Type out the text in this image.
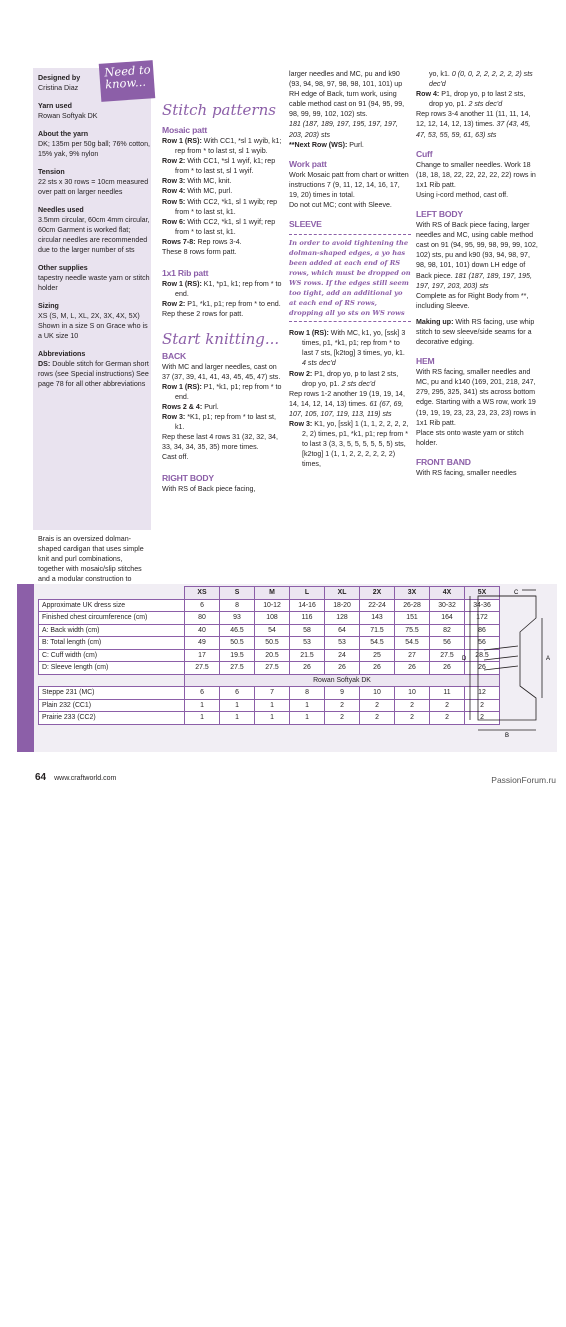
Need to know...

Designed by

Cristina Diaz

Yarn used

Rowan Softyak DK

About the yarn

DK; 135m per 50g ball; 76% cotton, 15% yak, 9% nylon

Tension

22 sts x 30 rows = 10cm measured over patt on larger needles

Needles used

3.5mm circular, 60cm 4mm circular, 60cm Garment is worked flat; circular needles are recommended due to the larger number of sts

Other supplies

tapestry needle waste yarn or stitch holder

Sizing

XS (S, M, L, XL, 2X, 3X, 4X, 5X) Shown in a size S on Grace who is a UK size 10

Abbreviations

DS: Double stitch for German short rows (see Special instructions) See page 78 for all other abbreviations

Brais is an oversized dolman-shaped cardigan that uses simple knit and purl combinations, together with mosaic/slip stitches and a modular construction to

Stitch patterns

Mosaic patt

Row 1 (RS): With CC1, *sl 1 wyib, k1; rep from * to last st, sl 1 wyib.

Row 2: With CC1, *sl 1 wyif, k1; rep from * to last st, sl 1 wyif.

Row 3: With MC, knit.

Row 4: With MC, purl.

Row 5: With CC2, *k1, sl 1 wyib; rep from * to last st, k1.

Row 6: With CC2, *k1, sl 1 wyif; rep from * to last st, k1.

Rows 7-8: Rep rows 3-4.

These 8 rows form patt.

1x1 Rib patt

Row 1 (RS): K1, *p1, k1; rep from * to end.

Row 2: P1, *k1, p1; rep from * to end.

Rep these 2 rows for patt.

Start knitting...

BACK

With MC and larger needles, cast on 37 (37, 39, 41, 41, 43, 45, 45, 47) sts.

Row 1 (RS): P1, *k1, p1; rep from * to end.

Rows 2 & 4: Purl.

Row 3: *K1, p1; rep from * to last st, k1.

Rep these last 4 rows 31 (32, 32, 34, 33, 34, 34, 35, 35) more times.

Cast off.

RIGHT BODY

With RS of Back piece facing,

larger needles and MC, pu and k90 (93, 94, 98, 97, 98, 98, 101, 101) up RH edge of Back, turn work, using cable method cast on 91 (94, 95, 99, 98, 99, 99, 102, 102) sts.

181 (187, 189, 197, 195, 197, 197, 203, 203) sts

**Next Row (WS): Purl.

Work patt

Work Mosaic patt from chart or written instructions 7 (9, 11, 12, 14, 16, 17, 19, 20) times in total.

Do not cut MC; cont with Sleeve.

SLEEVE

In order to avoid tightening the dolman-shaped edges, a yo has been added at each end of RS rows, which must be dropped on WS rows. If the edges still seem too tight, add an additional yo at each end of RS rows, dropping all yo sts on WS rows

Row 1 (RS): With MC, k1, yo, [ssk] 3 times, p1, *k1, p1; rep from * to last 7 sts, [k2tog] 3 times, yo, k1.

4 sts dec'd

Row 2: P1, drop yo, p to last 2 sts, drop yo, p1. 2 sts dec'd

Rep rows 1-2 another 19 (19, 19, 14, 14, 14, 12, 14, 13) times. 61 (67, 69, 107, 105, 107, 119, 113, 119) sts

Row 3: K1, yo, [ssk] 1 (1, 1, 2, 2, 2, 2, 2, 2) times, p1, *k1, p1; rep from * to last 3 (3, 3, 5, 5, 5, 5, 5, 5) sts, [k2tog] 1 (1, 1, 2, 2, 2, 2, 2, 2) times,

yo, k1. 0 (0, 0, 2, 2, 2, 2, 2, 2) sts dec'd

Row 4: P1, drop yo, p to last 2 sts, drop yo, p1. 2 sts dec'd

Rep rows 3-4 another 11 (11, 11, 14, 12, 12, 14, 12, 13) times. 37 (43, 45, 47, 53, 55, 59, 61, 63) sts

Cuff

Change to smaller needles. Work 18 (18, 18, 18, 22, 22, 22, 22, 22) rows in 1x1 Rib patt.

Using i-cord method, cast off.

LEFT BODY

With RS of Back piece facing, larger needles and MC, using cable method cast on 91 (94, 95, 99, 98, 99, 99, 102, 102) sts, pu and k90 (93, 94, 98, 97, 98, 98, 101, 101) down LH edge of Back piece. 181 (187, 189, 197, 195, 197, 197, 203, 203) sts

Complete as for Right Body from **, including Sleeve.

Making up: With RS facing, use whip stitch to sew sleeve/side seams for a decorative edging.

HEM

With RS facing, smaller needles and MC, pu and k140 (169, 201, 218, 247, 279, 295, 325, 341) sts across bottom edge. Starting with a WS row, work 19 (19, 19, 19, 23, 23, 23, 23, 23) rows in 1x1 Rib patt.

Place sts onto waste yarn or stitch holder.

FRONT BAND

With RS facing, smaller needles

Find your size
	XS	S	M	L	XL	2X	3X	4X	5X
Approximate UK dress size	6	8	10-12	14-16	18-20	22-24	26-28	30-32	34-36
Finished chest circumference (cm)	80	93	108	116	128	143	151	164	172
A: Back width (cm)	40	46.5	54	58	64	71.5	75.5	82	86
B: Total length (cm)	49	50.5	50.5	53	53	54.5	54.5	56	56
C: Cuff width (cm)	17	19.5	20.5	21.5	24	25	27	27.5	28.5
D: Sleeve length (cm)	27.5	27.5	27.5	26	26	26	26	26	26
	Rowan Softyak DK								
Steppe 231 (MC)	6	6	7	8	9	10	10	11	12
Plain 232 (CC1)	1	1	1	1	2	2	2	2	2
Prairie 233 (CC2)	1	1	1	1	2	2	2	2	2
A
B
C
D
64 www.craftworld.com	PassionForum.ru
